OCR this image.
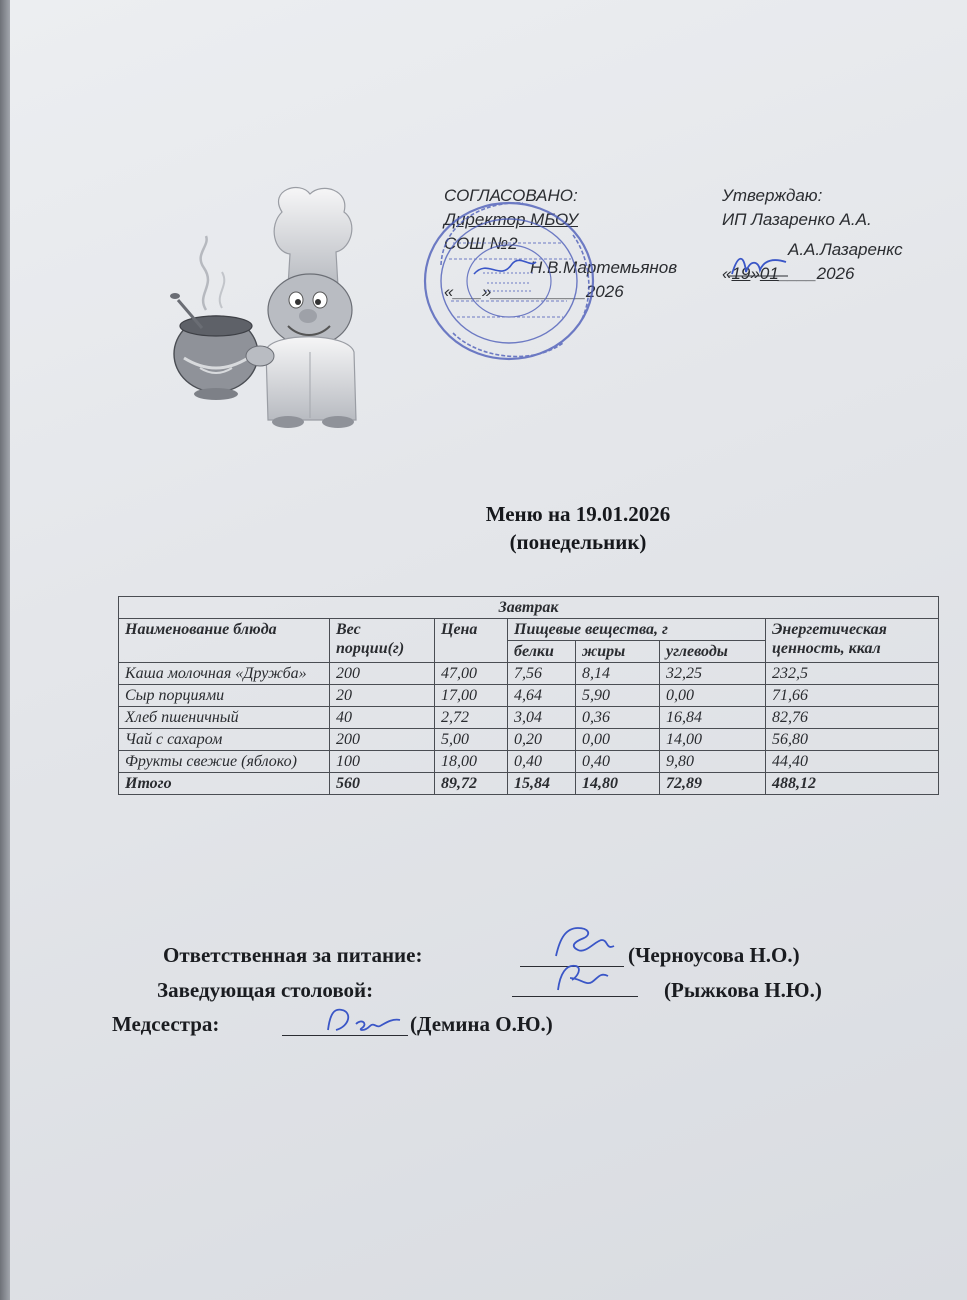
СОГЛАСОВАНО:
Директор МБОУ
СОШ №2
Н.В.Мартемьянов
«___»__________2026
Утверждаю:
ИП Лазаренко А.А.
А.А.Лазаренкс
«19»01____2026
Меню на 19.01.2026
(понедельник)
Завтрак						
Наименование блюда	Вес порции(г)	Цена	Пищевые вещества, г			Энергетическая ценность, ккал
			белки	жиры	углеводы	
Каша молочная «Дружба»	200	47,00	7,56	8,14	32,25	232,5
Сыр порциями	20	17,00	4,64	5,90	0,00	71,66
Хлеб пшеничный	40	2,72	3,04	0,36	16,84	82,76
Чай с сахаром	200	5,00	0,20	0,00	14,00	56,80
Фрукты свежие (яблоко)	100	18,00	0,40	0,40	9,80	44,40
Итого	560	89,72	15,84	14,80	72,89	488,12
Ответственная за питание:	(Черноусова Н.О.)
Заведующая столовой:	(Рыжкова Н.Ю.)
Медсестра:	(Демина О.Ю.)
